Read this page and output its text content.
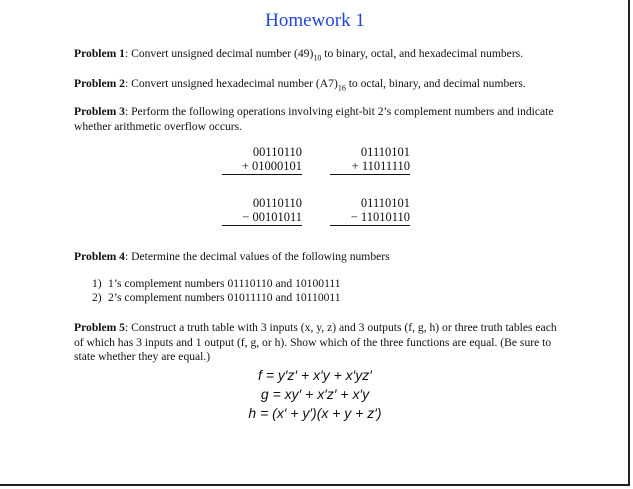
Homework 1
Problem 1: Convert unsigned decimal number $(49)_{10}$ to binary, octal, and hexadecimal numbers.
Problem 2: Convert unsigned hexadecimal number $(A7)_{16}$ to octal, binary, and decimal numbers.
Problem 3: Perform the following operations involving eight-bit 2’s complement numbers and indicate whether arithmetic overflow occurs.
00110110
+ 01000101
01110101
+ 11011110
00110110
− 00101011
01110101
− 11010110
Problem 4: Determine the decimal values of the following numbers
1) 1’s complement numbers 01110110 and 10100111
2) 2’s complement numbers 01011110 and 10110011
Problem 5: Construct a truth table with 3 inputs (x, y, z) and 3 outputs (f, g, h) or three truth tables each of which has 3 inputs and 1 output (f, g, or h). Show which of the three functions are equal. (Be sure to state whether they are equal.)
f = y′z′ + x′y + x′yz′
g = xy′ + x′z′ + x′y
h = (x′ + y′)(x + y + z′)
